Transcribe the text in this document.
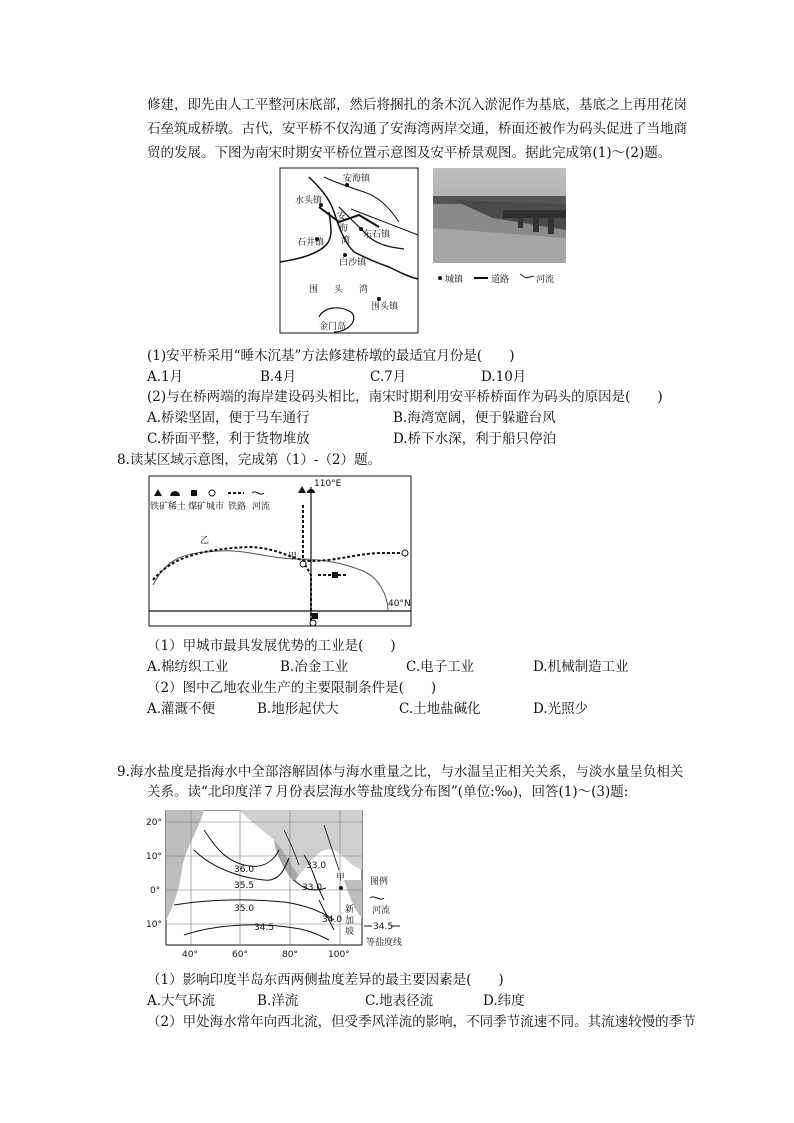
修建，即先由人工平整河床底部，然后将捆扎的条木沉入淤泥作为基底，基底之上再用花岗
石垒筑成桥墩。古代，安平桥不仅沟通了安海湾两岸交通，桥面还被作为码头促进了当地商
贸的发展。下图为南宋时期安平桥位置示意图及安平桥景观图。据此完成第(1)～(2)题。
安海镇
水头镇
安
海
湾
石井镇
东石镇
白沙镇
围 头 湾
围头镇
金门岛
城镇	道路	河流
(1)安平桥采用“睡木沉基”方法修建桥墩的最适宜月份是(　　)
A.1月	B.4月	C.7月	D.10月
(2)与在桥两端的海岸建设码头相比，南宋时期利用安平桥桥面作为码头的原因是(　　)
A.桥梁坚固，便于马车通行	B.海湾宽阔，便于躲避台风
C.桥面平整，利于货物堆放	D.桥下水深，利于船只停泊
8.读某区域示意图，完成第（1）-（2）题。
铁矿 稀土 煤矿 城市 铁路 河流
110°E
40°N
甲
乙
（1）甲城市最具发展优势的工业是(　　)
A.棉纺织工业	B.冶金工业	C.电子工业	D.机械制造工业
（2）图中乙地农业生产的主要限制条件是(　　)
A.灌溉不便	B.地形起伏大	C.土地盐碱化	D.光照少
9.海水盐度是指海水中全部溶解固体与海水重量之比，与水温呈正相关关系，与淡水量呈负相关
关系。读“北印度洋７月份表层海水等盐度线分布图”(单位:‰)，回答(1)～(3)题:
20°
10°
0°
10°
40°	60°	80°	100°
36.0
35.5
35.0
34.5
33.0
33.0
34.0
甲
新
加
坡
图例
河流
34.5
等盐度线
（1）影响印度半岛东西两侧盐度差异的最主要因素是(　　)
A.大气环流	B.洋流	C.地表径流	D.纬度
（2）甲处海水常年向西北流，但受季风洋流的影响，不同季节流速不同。其流速较慢的季节
